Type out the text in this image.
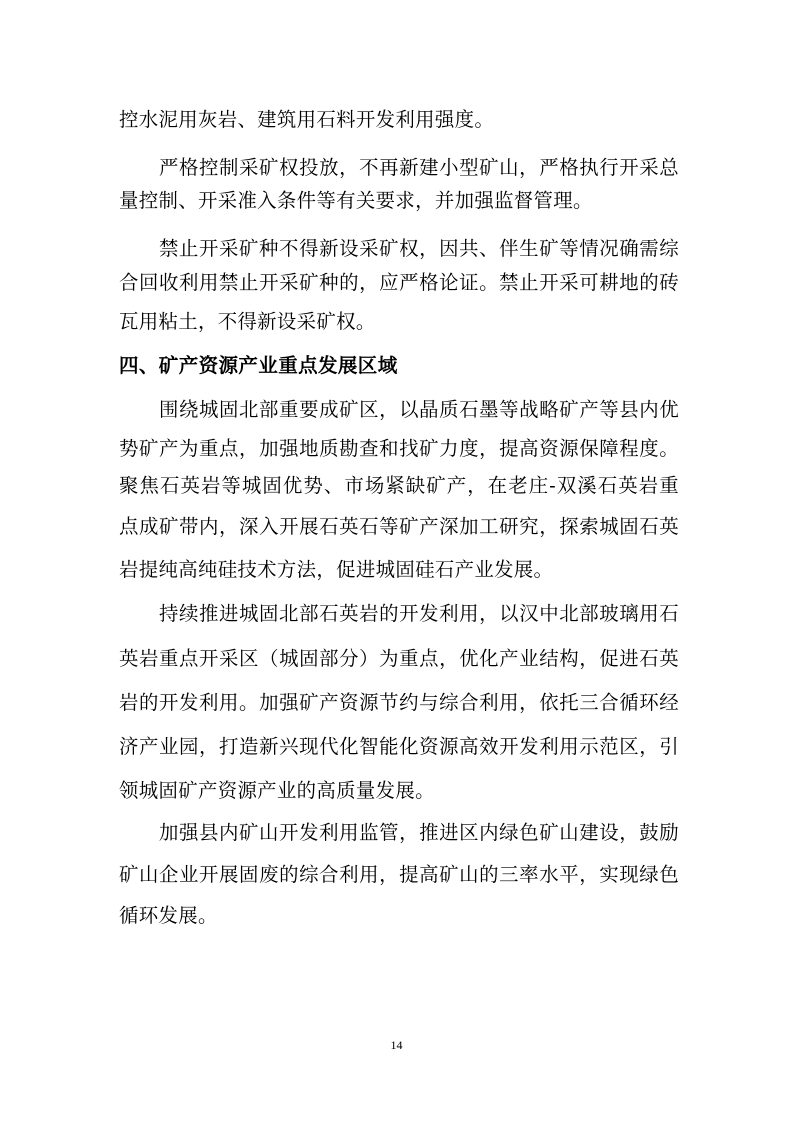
控水泥用灰岩、建筑用石料开发利用强度。
严格控制采矿权投放，不再新建小型矿山，严格执行开采总
量控制、开采准入条件等有关要求，并加强监督管理。
禁止开采矿种不得新设采矿权，因共、伴生矿等情况确需综
合回收利用禁止开采矿种的，应严格论证。禁止开采可耕地的砖
瓦用粘土，不得新设采矿权。
四、矿产资源产业重点发展区域
围绕城固北部重要成矿区，以晶质石墨等战略矿产等县内优
势矿产为重点，加强地质勘查和找矿力度，提高资源保障程度。
聚焦石英岩等城固优势、市场紧缺矿产，在老庄-双溪石英岩重
点成矿带内，深入开展石英石等矿产深加工研究，探索城固石英
岩提纯高纯硅技术方法，促进城固硅石产业发展。
持续推进城固北部石英岩的开发利用，以汉中北部玻璃用石
英岩重点开采区（城固部分）为重点，优化产业结构，促进石英
岩的开发利用。加强矿产资源节约与综合利用，依托三合循环经
济产业园，打造新兴现代化智能化资源高效开发利用示范区，引
领城固矿产资源产业的高质量发展。
加强县内矿山开发利用监管，推进区内绿色矿山建设，鼓励
矿山企业开展固废的综合利用，提高矿山的三率水平，实现绿色
循环发展。
14
